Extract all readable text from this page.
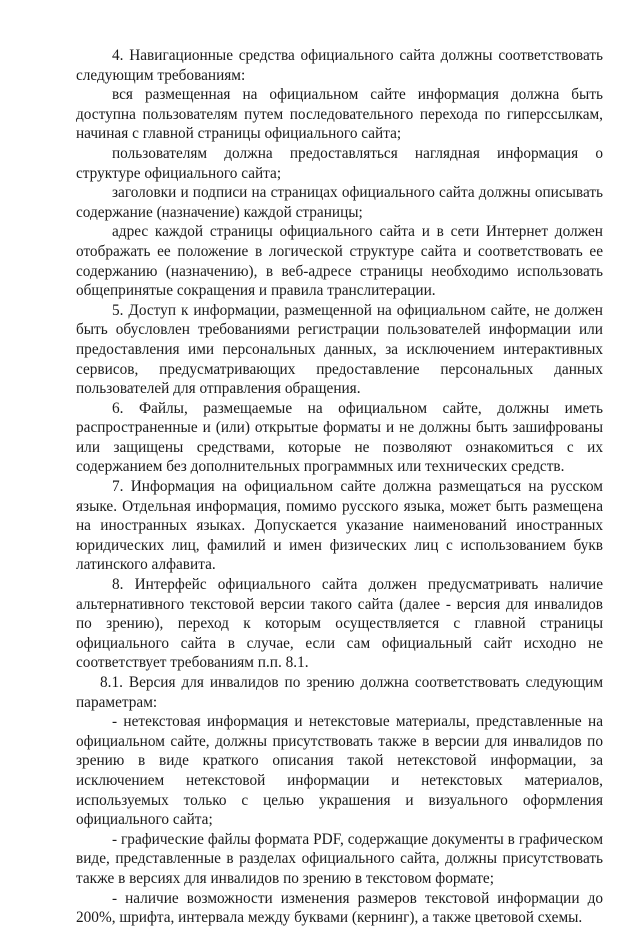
4. Навигационные средства официального сайта должны соответствовать следующим требованиям:

вся размещенная на официальном сайте информация должна быть доступна пользователям путем последовательного перехода по гиперссылкам, начиная с главной страницы официального сайта;

пользователям должна предоставляться наглядная информация о структуре официального сайта;

заголовки и подписи на страницах официального сайта должны описывать содержание (назначение) каждой страницы;

адрес каждой страницы официального сайта и в сети Интернет должен отображать ее положение в логической структуре сайта и соответствовать ее содержанию (назначению), в веб-адресе страницы необходимо использовать общепринятые сокращения и правила транслитерации.

5. Доступ к информации, размещенной на официальном сайте, не должен быть обусловлен требованиями регистрации пользователей информации или предоставления ими персональных данных, за исключением интерактивных сервисов, предусматривающих предоставление персональных данных пользователей для отправления обращения.

6. Файлы, размещаемые на официальном сайте, должны иметь распространенные и (или) открытые форматы и не должны быть зашифрованы или защищены средствами, которые не позволяют ознакомиться с их содержанием без дополнительных программных или технических средств.

7. Информация на официальном сайте должна размещаться на русском языке. Отдельная информация, помимо русского языка, может быть размещена на иностранных языках. Допускается указание наименований иностранных юридических лиц, фамилий и имен физических лиц с использованием букв латинского алфавита.

8. Интерфейс официального сайта должен предусматривать наличие альтернативного текстовой версии такого сайта (далее - версия для инвалидов по зрению), переход к которым осуществляется с главной страницы официального сайта в случае, если сам официальный сайт исходно не соответствует требованиям п.п. 8.1.

8.1. Версия для инвалидов по зрению должна соответствовать следующим параметрам:

- нетекстовая информация и нетекстовые материалы, представленные на официальном сайте, должны присутствовать также в версии для инвалидов по зрению в виде краткого описания такой нетекстовой информации, за исключением нетекстовой информации и нетекстовых материалов, используемых только с целью украшения и визуального оформления официального сайта;

- графические файлы формата PDF, содержащие документы в графическом виде, представленные в разделах официального сайта, должны присутствовать также в версиях для инвалидов по зрению в текстовом формате;

- наличие возможности изменения размеров текстовой информации до 200%, шрифта, интервала между буквами (кернинг), а также цветовой схемы.
